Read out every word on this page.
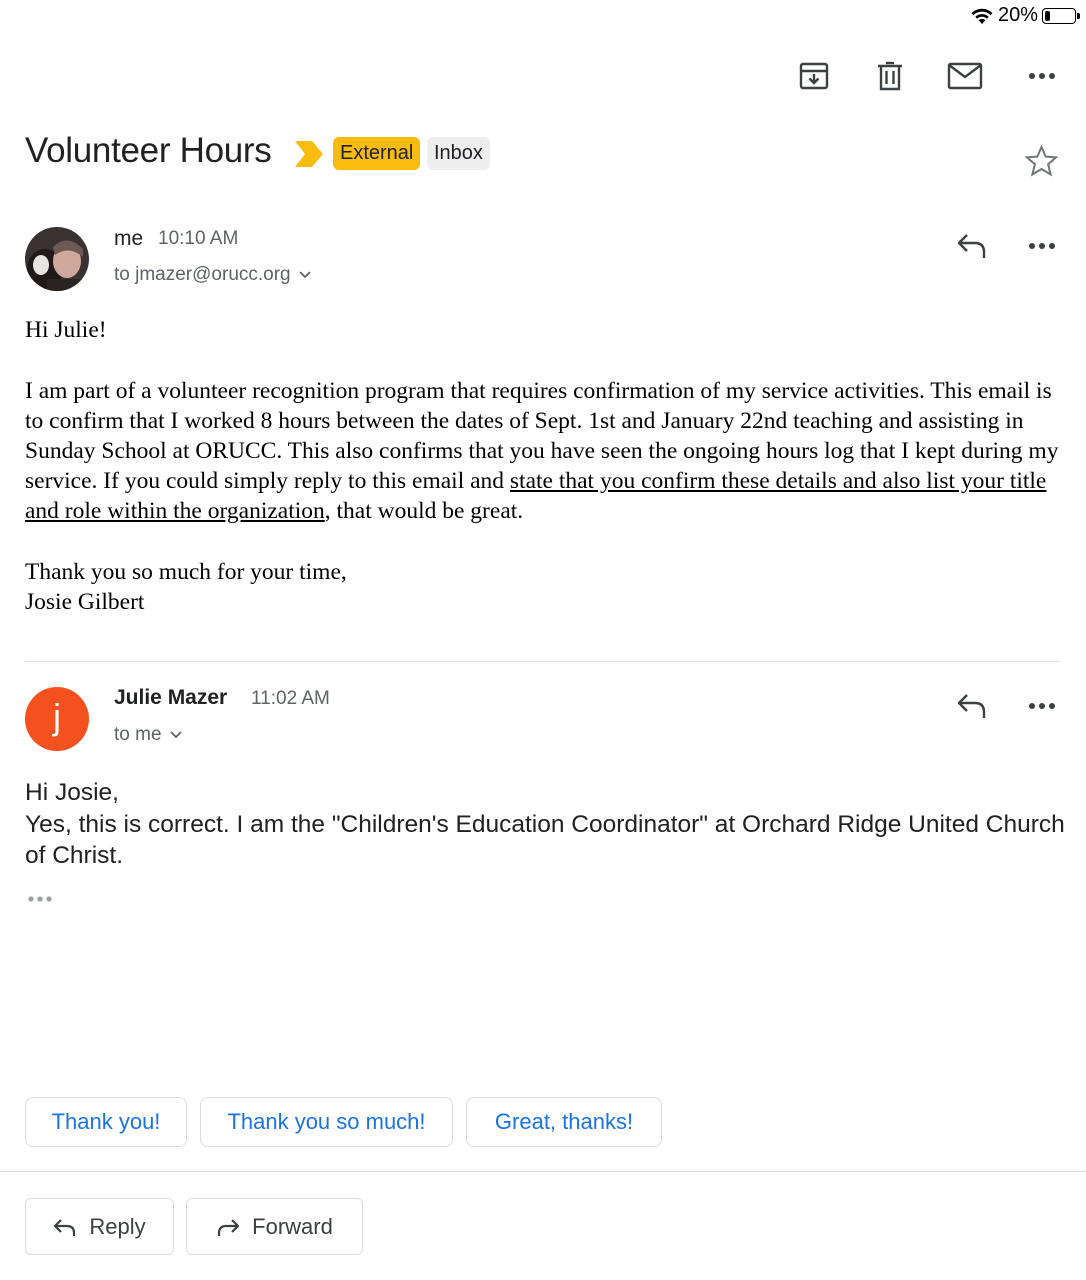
20%
Volunteer Hours	External	Inbox
me 10:10 AM
to jmazer@orucc.org

Hi Julie!

I am part of a volunteer recognition program that requires confirmation of my service activities. This email is to confirm that I worked 8 hours between the dates of Sept. 1st and January 22nd teaching and assisting in Sunday School at ORUCC. This also confirms that you have seen the ongoing hours log that I kept during my service. If you could simply reply to this email and state that you confirm these details and also list your title and role within the organization, that would be great.

Thank you so much for your time,

Josie Gilbert

j	Julie Mazer 11:02 AM
to me

Hi Josie,

Yes, this is correct. I am the "Children's Education Coordinator" at Orchard Ridge United Church of Christ.

Thank you!	Thank you so much!	Great, thanks!
Reply	Forward
